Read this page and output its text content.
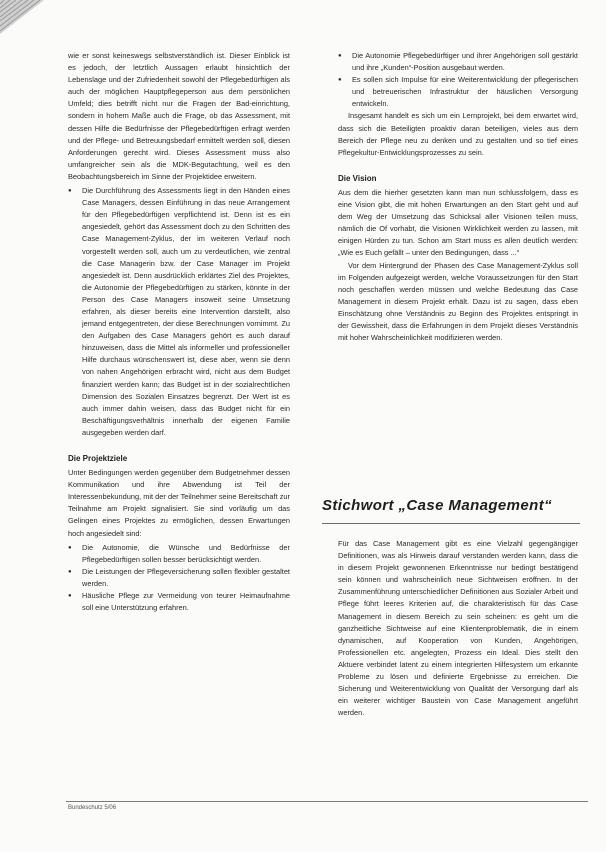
wie er sonst keineswegs selbstverständlich ist. Dieser Einblick ist es jedoch, der letztlich Aussagen erlaubt hinsichtlich der Lebenslage und der Zufriedenheit sowohl der Pflegebedürftigen als auch der möglichen Hauptpflegeperson aus dem persönlichen Umfeld; dies betrifft nicht nur die Fragen der Bad-einrichtung, sondern in hohem Maße auch die Frage, ob das Assessment, mit dessen Hilfe die Bedürfnisse der Pflegebedürftigen erfragt werden und der Pflege- und Betreuungsbedarf ermittelt werden soll, diesen Anforderungen gerecht wird. Dieses Assessment muss also umfangreicher sein als die MDK-Begutachtung, weil es den Beobachtungsbereich im Sinne der Projektidee erweitern.

● Die Durchführung des Assessments liegt in den Händen eines Case Managers, dessen Einführung in das neue Arrangement für den Pflegebedürftigen verpflichtend ist. Denn ist es ein angesiedelt, gehört das Assessment doch zu den Schritten des Case Management-Zyklus, der im weiteren Verlauf noch vorgestellt werden soll, auch um zu verdeutlichen, wie zentral die Case Managerin bzw. der Case Manager im Projekt angesiedelt ist. Denn ausdrücklich erklärtes Ziel des Projektes, die Autonomie der Pflegebedürftigen zu stärken, könnte in der Person des Case Managers insoweit seine Umsetzung erfahren, als dieser bereits eine Intervention darstellt, also jemand entgegentreten, der diese Berechnungen vornimmt. Zu den Aufgaben des Case Managers gehört es auch darauf hinzuweisen, dass die Mittel als informeller und professioneller Hilfe durchaus wünschenswert ist, diese aber, wenn sie denn von nahen Angehörigen erbracht wird, nicht aus dem Budget finanziert werden kann; das Budget ist in der sozialrechtlichen Dimension des Sozialen Einsatzes begrenzt. Der Wert ist es auch immer dahin weisen, dass das Budget nicht für ein Beschäftigungsverhältnis innerhalb der eigenen Familie ausgegeben werden darf.

Die Projektziele

Unter Bedingungen werden gegenüber dem Budgetnehmer dessen Kommunikation und ihre Abwendung ist Teil der Interessenbekundung, mit der der Teilnehmer seine Bereitschaft zur Teilnahme am Projekt signalisiert. Sie sind vorläufig um das Gelingen eines Projektes zu ermöglichen, dessen Erwartungen hoch angesiedelt sind:

● Die Autonomie, die Wünsche und Bedürfnisse der Pflegebedürftigen sollen besser berücksichtigt werden.

● Die Leistungen der Pflegeversicherung sollen flexibler gestaltet werden.

● Häusliche Pflege zur Vermeidung von teurer Heimaufnahme soll eine Unterstützung erfahren.

● Die Autonomie Pflegebedürftiger und ihrer Angehörigen soll gestärkt und ihre „Kunden“-Position ausgebaut werden.

● Es sollen sich Impulse für eine Weiterentwicklung der pflegerischen und betreuerischen Infrastruktur der häuslichen Versorgung entwickeln.

Insgesamt handelt es sich um ein Lernprojekt, bei dem erwartet wird, dass sich die Beteiligten proaktiv daran beteiligen, vieles aus dem Bereich der Pflege neu zu denken und zu gestalten und so tief eines Pflegekultur-Entwicklungsprozesses zu sein.

Die Vision

Aus dem die hierher gesetzten kann man nun schlussfolgern, dass es eine Vision gibt, die mit hohen Erwartungen an den Start geht und auf dem Weg der Umsetzung das Schicksal aller Visionen teilen muss, nämlich die Of vorhabt, die Visionen Wirklichkeit werden zu lassen, mit einigen Hürden zu tun. Schon am Start muss es allen deutlich werden: „Wie es Euch gefällt – unter den Bedingungen, dass ...“

Vor dem Hintergrund der Phasen des Case Management-Zyklus soll im Folgenden aufgezeigt werden, welche Voraussetzungen für den Start noch geschaffen werden müssen und welche Bedeutung das Case Management in diesem Projekt erhält. Dazu ist zu sagen, dass eben Einschätzung ohne Verständnis zu Beginn des Projektes entspringt in der Gewissheit, dass die Erfahrungen in dem Projekt dieses Verständnis mit hoher Wahrscheinlichkeit modifizieren werden.

Stichwort „Case Management“

Für das Case Management gibt es eine Vielzahl gegengängiger Definitionen, was als Hinweis darauf verstanden werden kann, dass die in diesem Projekt gewonnenen Erkenntnisse nur bedingt bestätigend sein können und wahrscheinlich neue Sichtweisen eröffnen. In der Zusammenführung unterschiedlicher Definitionen aus Sozialer Arbeit und Pflege führt leeres Kriterien auf, die charakteristisch für das Case Management in diesem Bereich zu sein scheinen: es geht um die ganzheitliche Sichtweise auf eine Klientenproblematik, die in einem dynamischen, auf Kooperation von Kunden, Angehörigen, Professionellen etc. angelegten, Prozess ein Ideal. Dies stellt den Aktuere verbindet latent zu einem integrierten Hilfesystem um erkannte Probleme zu lösen und definierte Ergebnisse zu erreichen. Die Sicherung und Weiterentwicklung von Qualität der Versorgung darf als ein weiterer wichtiger Baustein von Case Management angeführt werden.

Bundeschutz 5/06
